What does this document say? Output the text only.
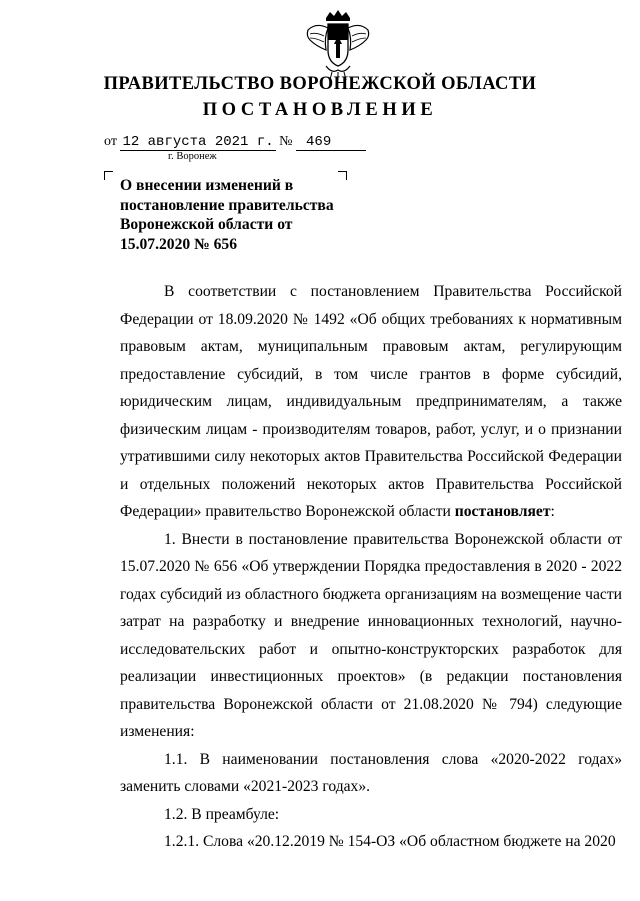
ПРАВИТЕЛЬСТВО ВОРОНЕЖСКОЙ ОБЛАСТИ
ПОСТАНОВЛЕНИЕ
от 12 августа 2021 г. № 469
г. Воронеж
О внесении изменений в постановление правительства Воронежской области от 15.07.2020 № 656

В соответствии с постановлением Правительства Российской Федерации от 18.09.2020 № 1492 «Об общих требованиях к нормативным правовым актам, муниципальным правовым актам, регулирующим предоставление субсидий, в том числе грантов в форме субсидий, юридическим лицам, индивидуальным предпринимателям, а также физическим лицам - производителям товаров, работ, услуг, и о признании утратившими силу некоторых актов Правительства Российской Федерации и отдельных положений некоторых актов Правительства Российской Федерации» правительство Воронежской области постановляет:

1. Внести в постановление правительства Воронежской области от 15.07.2020 № 656 «Об утверждении Порядка предоставления в 2020 - 2022 годах субсидий из областного бюджета организациям на возмещение части затрат на разработку и внедрение инновационных технологий, научно-исследовательских работ и опытно-конструкторских разработок для реализации инвестиционных проектов» (в редакции постановления правительства Воронежской области от 21.08.2020 № 794) следующие изменения:

1.1. В наименовании постановления слова «2020-2022 годах» заменить словами «2021-2023 годах».

1.2. В преамбуле:

1.2.1. Слова «20.12.2019 № 154-ОЗ «Об областном бюджете на 2020
